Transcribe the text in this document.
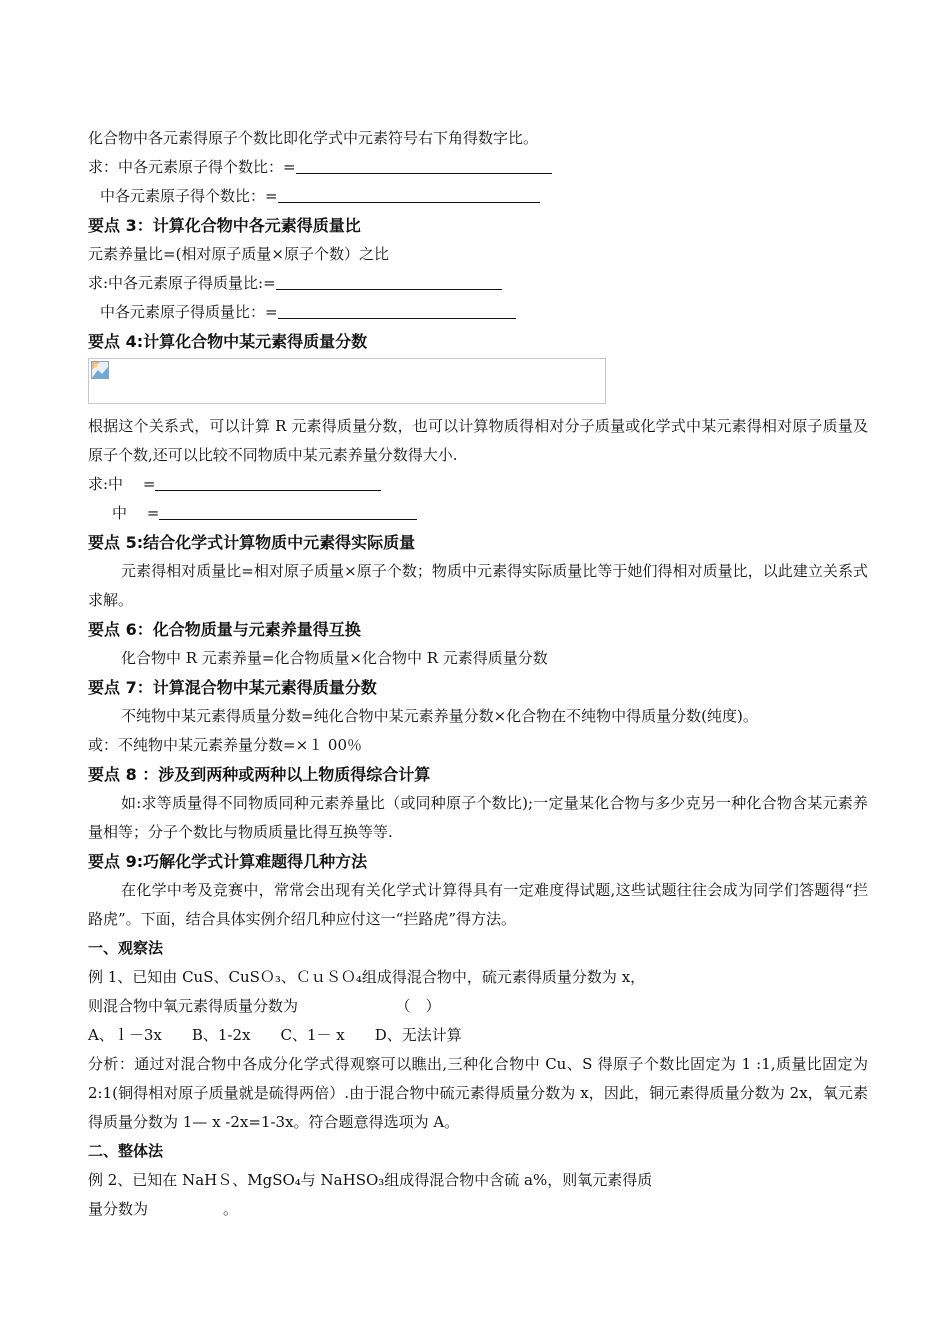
化合物中各元素得原子个数比即化学式中元素符号右下角得数字比。
求：中各元素原子得个数比：=
中各元素原子得个数比：=
要点 3：计算化合物中各元素得质量比
元素养量比=(相对原子质量×原子个数）之比
求:中各元素原子得质量比:=
中各元素原子得质量比：=
要点 4:计算化合物中某元素得质量分数
根据这个关系式，可以计算 R 元素得质量分数，也可以计算物质得相对分子质量或化学式中某元素得相对原子质量及原子个数,还可以比较不同物质中某元素养量分数得大小.
求:中　 =
中　 =
要点 5:结合化学式计算物质中元素得实际质量
元素得相对质量比=相对原子质量×原子个数；物质中元素得实际质量比等于她们得相对质量比，以此建立关系式求解。
要点 6：化合物质量与元素养量得互换
化合物中 R 元素养量=化合物质量×化合物中 R 元素得质量分数
要点 7：计算混合物中某元素得质量分数
不纯物中某元素得质量分数=纯化合物中某元素养量分数×化合物在不纯物中得质量分数(纯度)。
或：不纯物中某元素养量分数=×１ 00％
要点 8 ：涉及到两种或两种以上物质得综合计算
如:求等质量得不同物质同种元素养量比（或同种原子个数比);一定量某化合物与多少克另一种化合物含某元素养量相等；分子个数比与物质质量比得互换等等.
要点 9:巧解化学式计算难题得几种方法
在化学中考及竞赛中，常常会出现有关化学式计算得具有一定难度得试题,这些试题往往会成为同学们答题得“拦路虎”。下面，结合具体实例介绍几种应付这一“拦路虎”得方法。
一、观察法
例 1、已知由 CuS、CuSＯ₃、ＣｕＳＯ₄组成得混合物中，硫元素得质量分数为 x，
则混合物中氧元素得质量分数为　　　　　　　（　）
A、ｌ－3x　　B、1-2x　　C、1－ x　　D、无法计算
分析：通过对混合物中各成分化学式得观察可以瞧出,三种化合物中 Cu、S 得原子个数比固定为 1 :1,质量比固定为 2:1(铜得相对原子质量就是硫得两倍）.由于混合物中硫元素得质量分数为 x，因此，铜元素得质量分数为 2x，氧元素得质量分数为 1— x -2x=1-3x。符合题意得选项为 A。
二、整体法
例 2、已知在 NaHＳ、MgSO₄与 NaHSO₃组成得混合物中含硫 a%，则氧元素得质
量分数为　　　　　。
